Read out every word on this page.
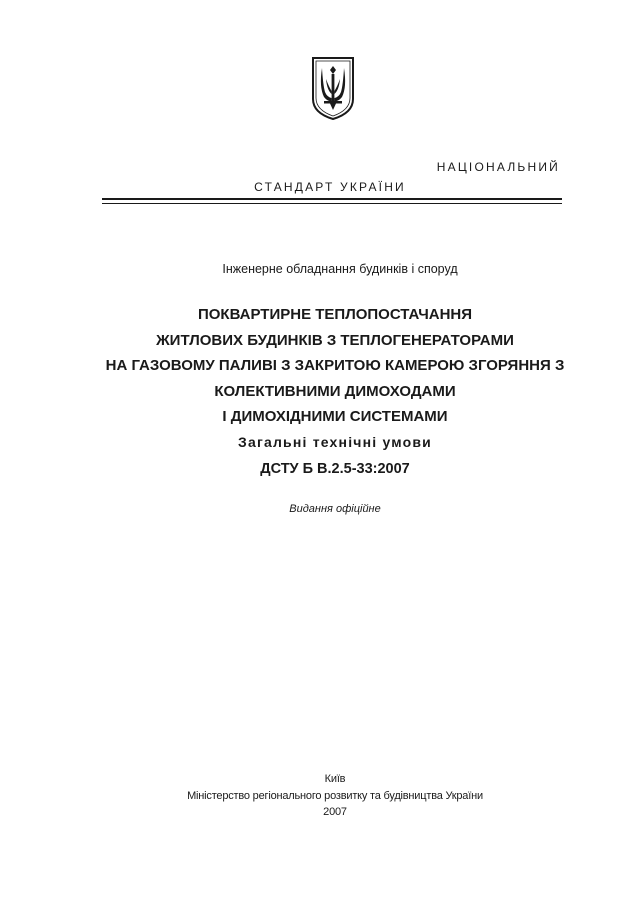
НАЦІОНАЛЬНИЙ
СТАНДАРТ УКРАЇНИ
Інженерне обладнання будинків і споруд
ПОКВАРТИРНЕ ТЕПЛОПОСТАЧАННЯ
ЖИТЛОВИХ БУДИНКІВ З ТЕПЛОГЕНЕРАТОРАМИ
НА ГАЗОВОМУ ПАЛИВІ З ЗАКРИТОЮ КАМЕРОЮ ЗГОРЯННЯ З
КОЛЕКТИВНИМИ ДИМОХОДАМИ
І ДИМОХІДНИМИ СИСТЕМАМИ
Загальні технічні умови
ДСТУ Б В.2.5-33:2007
Видання офіційне
Київ
Міністерство регіонального розвитку та будівництва України
2007
